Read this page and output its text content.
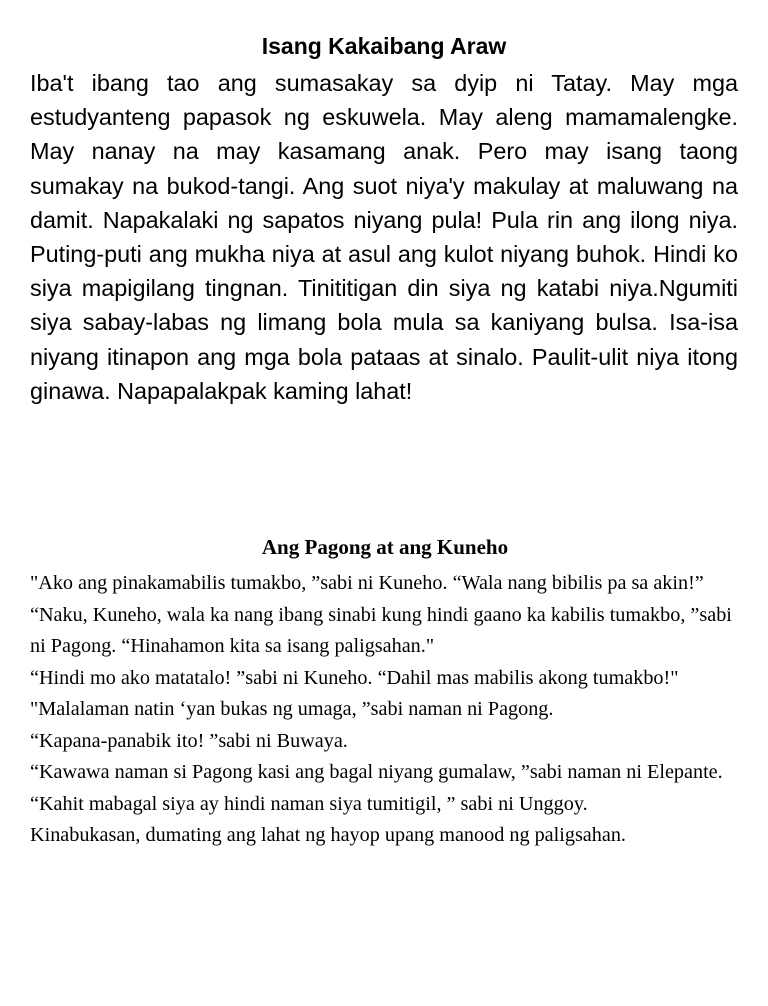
Isang Kakaibang Araw

Iba't ibang tao ang sumasakay sa dyip ni Tatay. May mga estudyanteng papasok ng eskuwela. May aleng mamamalengke. May nanay na may kasamang anak. Pero may isang taong sumakay na bukod-tangi. Ang suot niya'y makulay at maluwang na damit. Napakalaki ng sapatos niyang pula! Pula rin ang ilong niya. Puting-puti ang mukha niya at asul ang kulot niyang buhok. Hindi ko siya mapigilang tingnan. Tinititigan din siya ng katabi niya.Ngumiti siya sabay-labas ng limang bola mula sa kaniyang bulsa. Isa-isa niyang itinapon ang mga bola pataas at sinalo. Paulit-ulit niya itong ginawa. Napapalakpak kaming lahat!

Ang Pagong at ang Kuneho

"Ako ang pinakamabilis tumakbo, ”sabi ni Kuneho. “Wala nang bibilis pa sa akin!”

“Naku, Kuneho, wala ka nang ibang sinabi kung hindi gaano ka kabilis tumakbo, ”sabi ni Pagong. “Hinahamon kita sa isang paligsahan."

“Hindi mo ako matatalo! ”sabi ni Kuneho. “Dahil mas mabilis akong tumakbo!"

"Malalaman natin ‘yan bukas ng umaga, ”sabi naman ni Pagong.

“Kapana-panabik ito! ”sabi ni Buwaya.

“Kawawa naman si Pagong kasi ang bagal niyang gumalaw, ”sabi naman ni Elepante.

“Kahit mabagal siya ay hindi naman siya tumitigil, ” sabi ni Unggoy.

Kinabukasan, dumating ang lahat ng hayop upang manood ng paligsahan.
